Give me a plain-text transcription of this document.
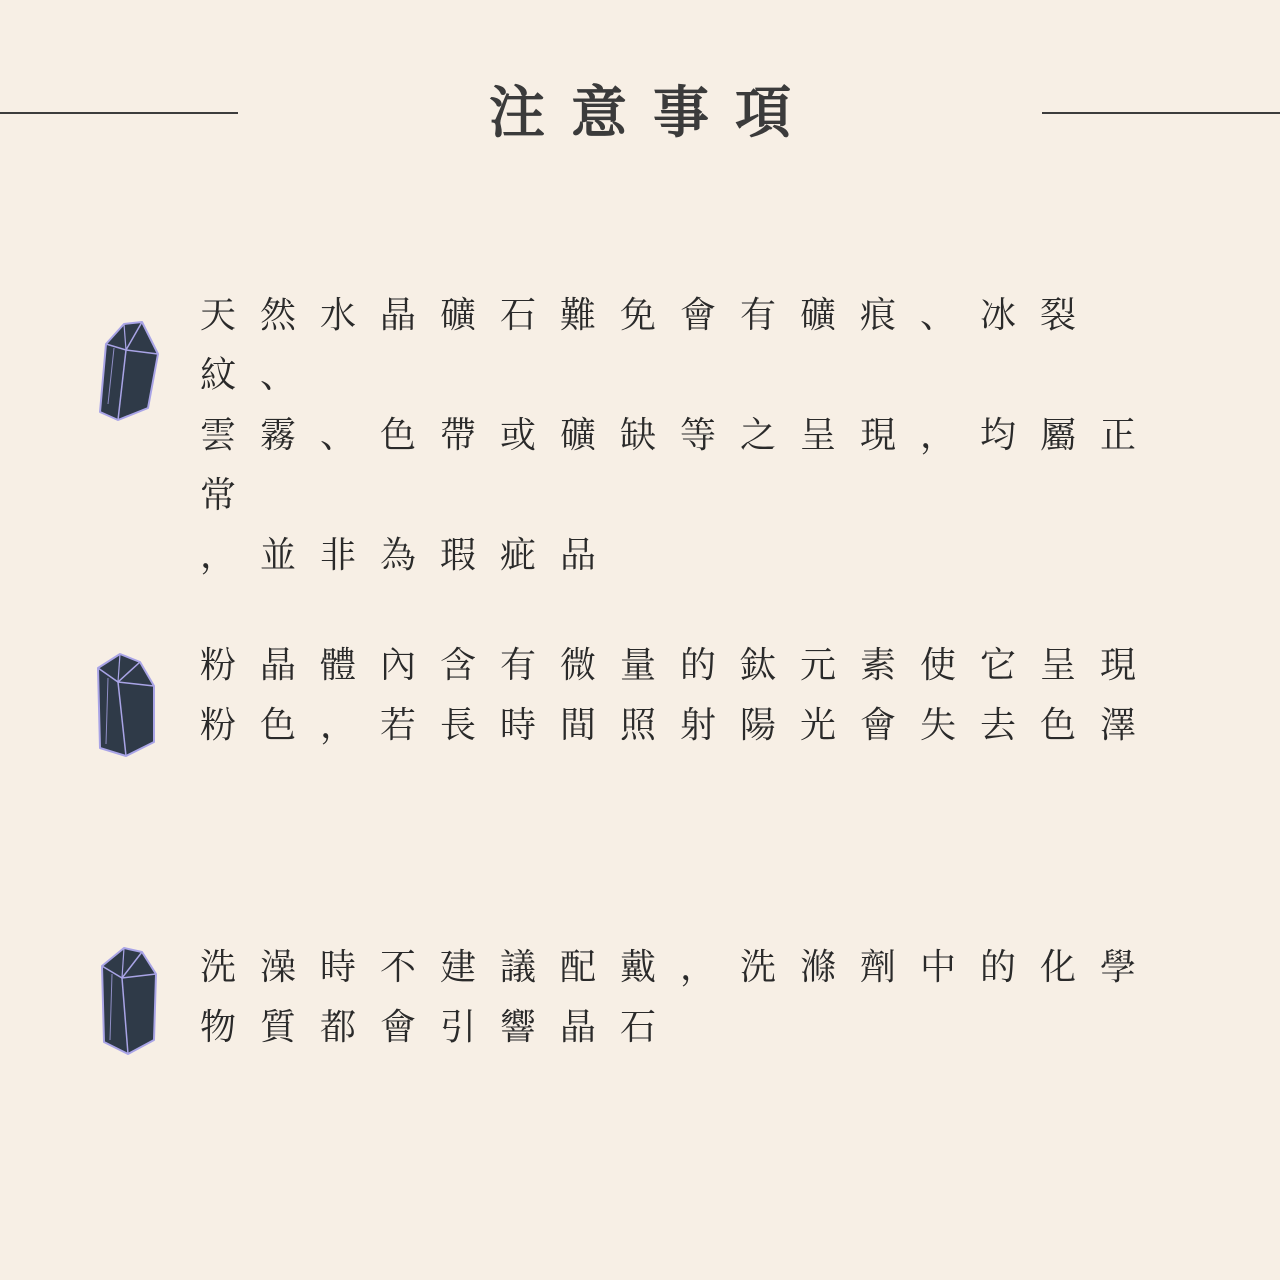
注意事項
天然水晶礦石難免會有礦痕、冰裂紋、
雲霧、色帶或礦缺等之呈現，均屬正常
，並非為瑕疵品
粉晶體內含有微量的鈦元素使它呈現
粉色，若長時間照射陽光會失去色澤
洗澡時不建議配戴，洗滌劑中的化學
物質都會引響晶石
